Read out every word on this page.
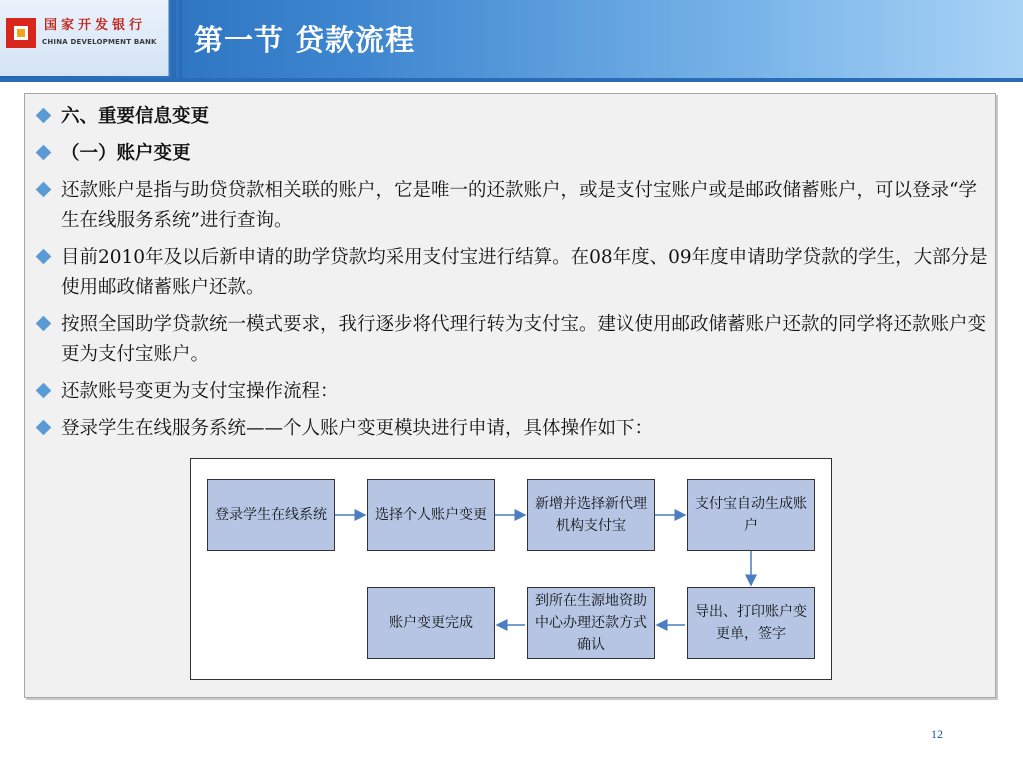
国家开发银行
CHINA DEVELOPMENT BANK 第一节 贷款流程
六、重要信息变更
（一）账户变更
还款账户是指与助贷贷款相关联的账户，它是唯一的还款账户，或是支付宝账户或是邮政储蓄账户，可以登录“学生在线服务系统”进行查询。
目前2010年及以后新申请的助学贷款均采用支付宝进行结算。在08年度、09年度申请助学贷款的学生，大部分是使用邮政储蓄账户还款。
按照全国助学贷款统一模式要求，我行逐步将代理行转为支付宝。建议使用邮政储蓄账户还款的同学将还款账户变更为支付宝账户。
还款账号变更为支付宝操作流程：
登录学生在线服务系统——个人账户变更模块进行申请，具体操作如下：
登录学生在线系统	选择个人账户变更
新增并选择新代理机构支付宝
支付宝自动生成账户
导出、打印账户变更单，签字
到所在生源地资助中心办理还款方式确认
账户变更完成
12
